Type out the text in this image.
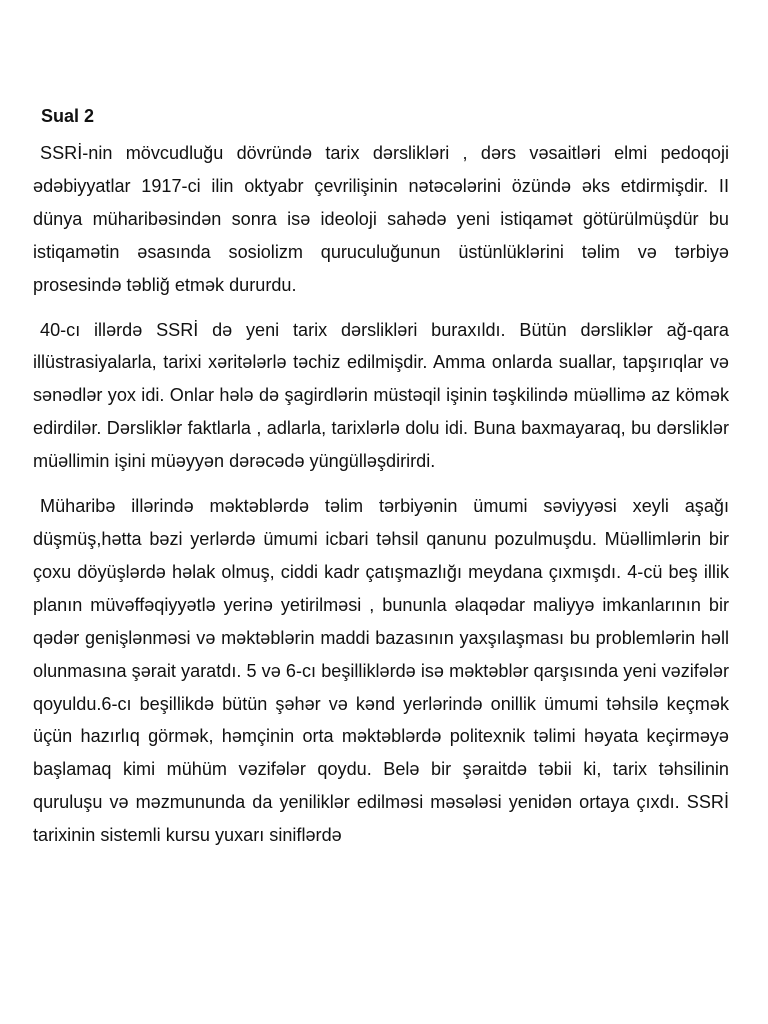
Sual 2

SSRİ-nin mövcudluğu dövründə tarix dərslikləri , dərs vəsaitləri elmi pedoqoji ədəbiyyatlar 1917-ci ilin oktyabr çevrilişinin nətəcələrini özündə əks etdirmişdir. II dünya müharibəsindən sonra isə ideoloji sahədə yeni istiqamət götürülmüşdür bu istiqamətin əsasında sosiolizm quruculuğunun üstünlüklərini təlim və tərbiyə prosesində təbliğ etmək dururdu.

40-cı illərdə SSRİ də yeni tarix dərslikləri buraxıldı. Bütün dərsliklər ağ-qara illüstrasiyalarla, tarixi xəritələrlə təchiz edilmişdir. Amma onlarda suallar, tapşırıqlar və sənədlər yox idi. Onlar hələ də şagirdlərin müstəqil işinin təşkilində müəllimə az kömək edirdilər. Dərsliklər faktlarla , adlarla, tarixlərlə dolu idi. Buna baxmayaraq, bu dərsliklər müəllimin işini müəyyən dərəcədə yüngülləşdirirdi.

Müharibə illərində məktəblərdə təlim tərbiyənin ümumi səviyyəsi xeyli aşağı düşmüş,hətta bəzi yerlərdə ümumi icbari təhsil qanunu pozulmuşdu. Müəllimlərin bir çoxu döyüşlərdə həlak olmuş, ciddi kadr çatışmazlığı meydana çıxmışdı. 4-cü beş illik planın müvəffəqiyyətlə yerinə yetirilməsi , bununla əlaqədar maliyyə imkanlarının bir qədər genişlənməsi və məktəblərin maddi bazasının yaxşılaşması bu problemlərin həll olunmasına şərait yaratdı. 5 və 6-cı beşilliklərdə isə məktəblər qarşısında yeni vəzifələr qoyuldu.6-cı beşillikdə bütün şəhər və kənd yerlərində onillik ümumi təhsilə keçmək üçün hazırlıq görmək, həmçinin orta məktəblərdə politexnik təlimi həyata keçirməyə başlamaq kimi mühüm vəzifələr qoydu. Belə bir şəraitdə təbii ki, tarix təhsilinin quruluşu və məzmununda da yeniliklər edilməsi məsələsi yenidən ortaya çıxdı. SSRİ tarixinin sistemli kursu yuxarı siniflərdə
